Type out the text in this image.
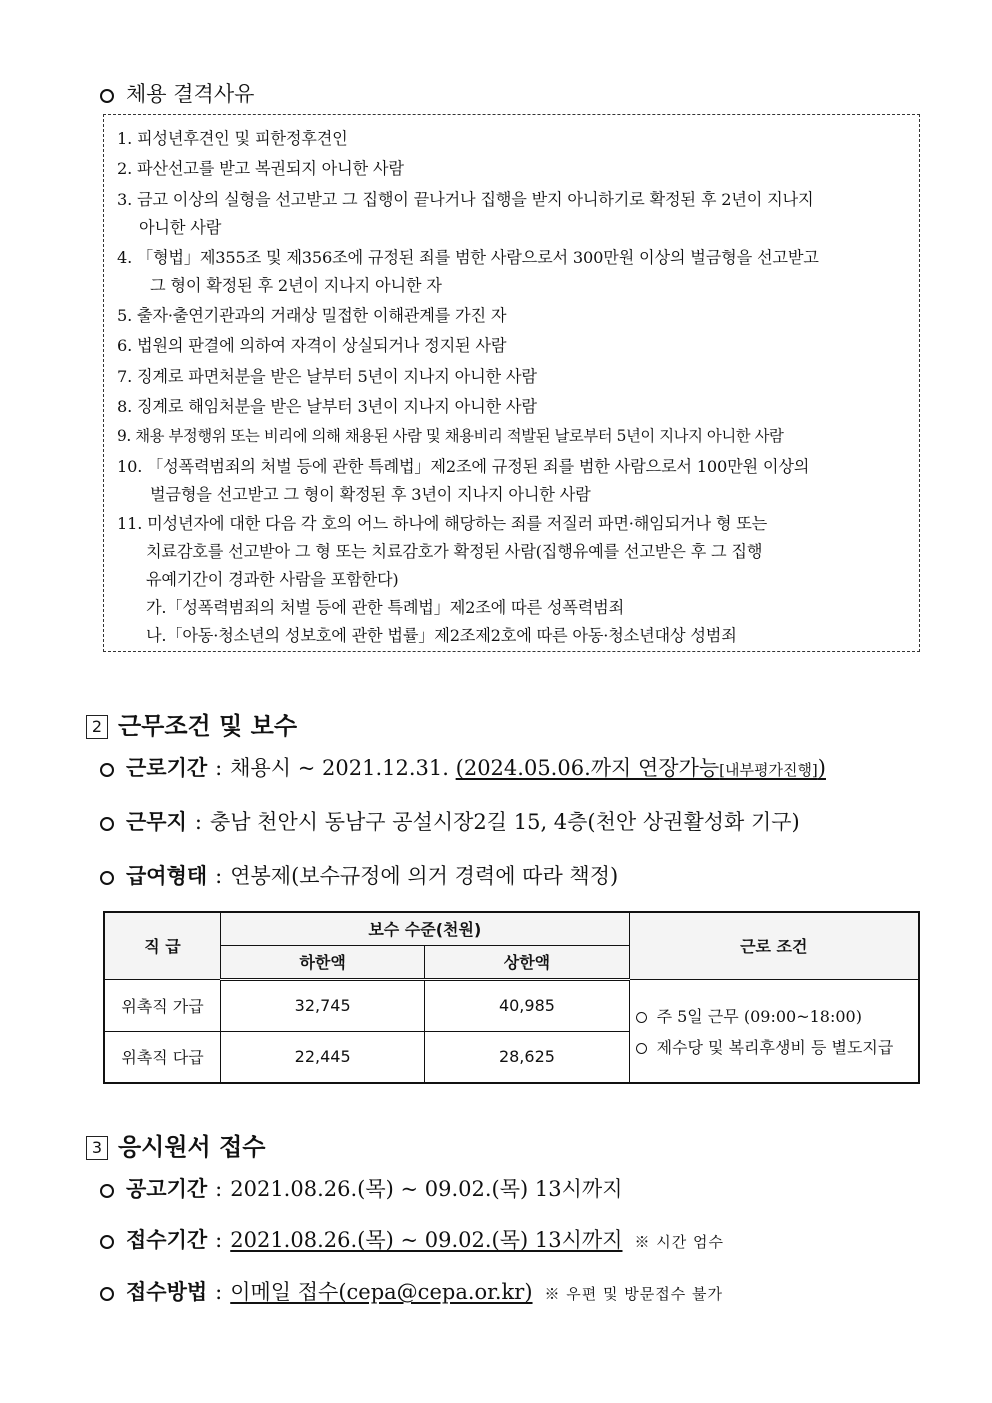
체용 결격사유
1. 피성년후견인 및 피한정후견인
2. 파산선고를 받고 복권되지 아니한 사람
3. 금고 이상의 실형을 선고받고 그 집행이 끝나거나 집행을 받지 아니하기로 확정된 후 2년이 지나지
아니한 사람
4. 「형법」제355조 및 제356조에 규정된 죄를 범한 사람으로서 300만원 이상의 벌금형을 선고받고
그 형이 확정된 후 2년이 지나지 아니한 자
5. 출자·출연기관과의 거래상 밀접한 이해관계를 가진 자
6. 법원의 판결에 의하여 자격이 상실되거나 정지된 사람
7. 징계로 파면처분을 받은 날부터 5년이 지나지 아니한 사람
8. 징계로 해임처분을 받은 날부터 3년이 지나지 아니한 사람
9. 채용 부정행위 또는 비리에 의해 채용된 사람 및 채용비리 적발된 날로부터 5년이 지나지 아니한 사람
10. 「성폭력범죄의 처벌 등에 관한 특례법」제2조에 규정된 죄를 범한 사람으로서 100만원 이상의
벌금형을 선고받고 그 형이 확정된 후 3년이 지나지 아니한 사람
11. 미성년자에 대한 다음 각 호의 어느 하나에 해당하는 죄를 저질러 파면·해임되거나 형 또는
치료감호를 선고받아 그 형 또는 치료감호가 확정된 사람(집행유예를 선고받은 후 그 집행
유예기간이 경과한 사람을 포함한다)
가.「성폭력범죄의 처벌 등에 관한 특례법」제2조에 따른 성폭력범죄
나.「아동·청소년의 성보호에 관한 법률」제2조제2호에 따른 아동·청소년대상 성범죄
2 근무조건 및 보수
근로기간 : 채용시 ~ 2021.12.31. (2024.05.06.까지 연장가능[내부평가진행])
근무지 : 충남 천안시 동남구 공설시장2길 15, 4층(천안 상권활성화 기구)
급여형태 : 연봉제(보수규정에 의거 경력에 따라 책정)
직 급	보수 수준(천원)		근로 조건
	하한액	상한액	
위촉직 가급	32,745	40,985	주 5일 근무 (09:00~18:00)
제수당 및 복리후생비 등 별도지급

위촉직 다급	22,445	28,625	
3 응시원서 접수
공고기간 : 2021.08.26.(목) ~ 09.02.(목) 13시까지
접수기간 : 2021.08.26.(목) ~ 09.02.(목) 13시까지 ※ 시간 엄수
접수방법 : 이메일 접수(cepa@cepa.or.kr) ※ 우편 및 방문접수 불가
